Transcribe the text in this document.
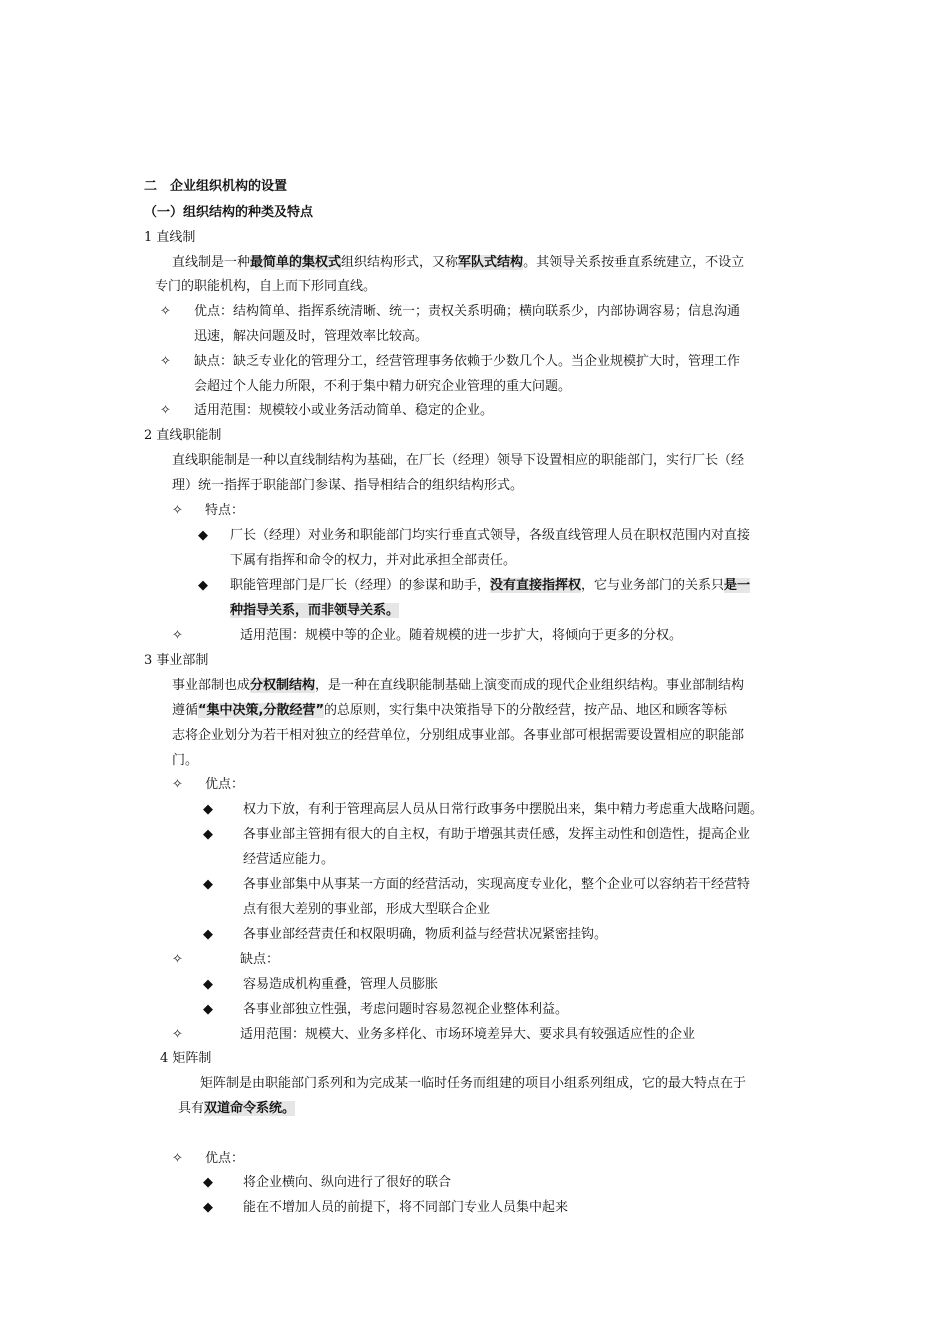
二　企业组织机构的设置
（一）组织结构的种类及特点
1 直线制
直线制是一种最简单的集权式组织结构形式，又称军队式结构。其领导关系按垂直系统建立，不设立
专门的职能机构，自上而下形同直线。
✧ 优点：结构简单、指挥系统清晰、统一；责权关系明确；横向联系少，内部协调容易；信息沟通
迅速，解决问题及时，管理效率比较高。
✧ 缺点：缺乏专业化的管理分工，经营管理事务依赖于少数几个人。当企业规模扩大时，管理工作
会超过个人能力所限，不利于集中精力研究企业管理的重大问题。
✧ 适用范围：规模较小或业务活动简单、稳定的企业。
2 直线职能制
直线职能制是一种以直线制结构为基础，在厂长（经理）领导下设置相应的职能部门，实行厂长（经
理）统一指挥于职能部门参谋、指导相结合的组织结构形式。
✧ 特点：
◆ 厂长（经理）对业务和职能部门均实行垂直式领导，各级直线管理人员在职权范围内对直接
下属有指挥和命令的权力，并对此承担全部责任。
◆ 职能管理部门是厂长（经理）的参谋和助手，没有直接指挥权，它与业务部门的关系只是一
种指导关系，而非领导关系。
✧	适用范围：规模中等的企业。随着规模的进一步扩大，将倾向于更多的分权。
3 事业部制
事业部制也成分权制结构，是一种在直线职能制基础上演变而成的现代企业组织结构。事业部制结构
遵循“集中决策,分散经营”的总原则，实行集中决策指导下的分散经营，按产品、地区和顾客等标
志将企业划分为若干相对独立的经营单位，分别组成事业部。各事业部可根据需要设置相应的职能部
门。
✧ 优点：
◆ 权力下放，有利于管理高层人员从日常行政事务中摆脱出来，集中精力考虑重大战略问题。
◆ 各事业部主管拥有很大的自主权，有助于增强其责任感，发挥主动性和创造性，提高企业
经营适应能力。
◆ 各事业部集中从事某一方面的经营活动，实现高度专业化，整个企业可以容纳若干经营特
点有很大差别的事业部，形成大型联合企业
◆ 各事业部经营责任和权限明确，物质利益与经营状况紧密挂钩。
✧	缺点：
◆ 容易造成机构重叠，管理人员膨胀
◆ 各事业部独立性强，考虑问题时容易忽视企业整体利益。
✧	适用范围：规模大、业务多样化、市场环境差异大、要求具有较强适应性的企业
4 矩阵制
矩阵制是由职能部门系列和为完成某一临时任务而组建的项目小组系列组成，它的最大特点在于
具有双道命令系统。
✧ 优点：
◆ 将企业横向、纵向进行了很好的联合
◆ 能在不增加人员的前提下，将不同部门专业人员集中起来
